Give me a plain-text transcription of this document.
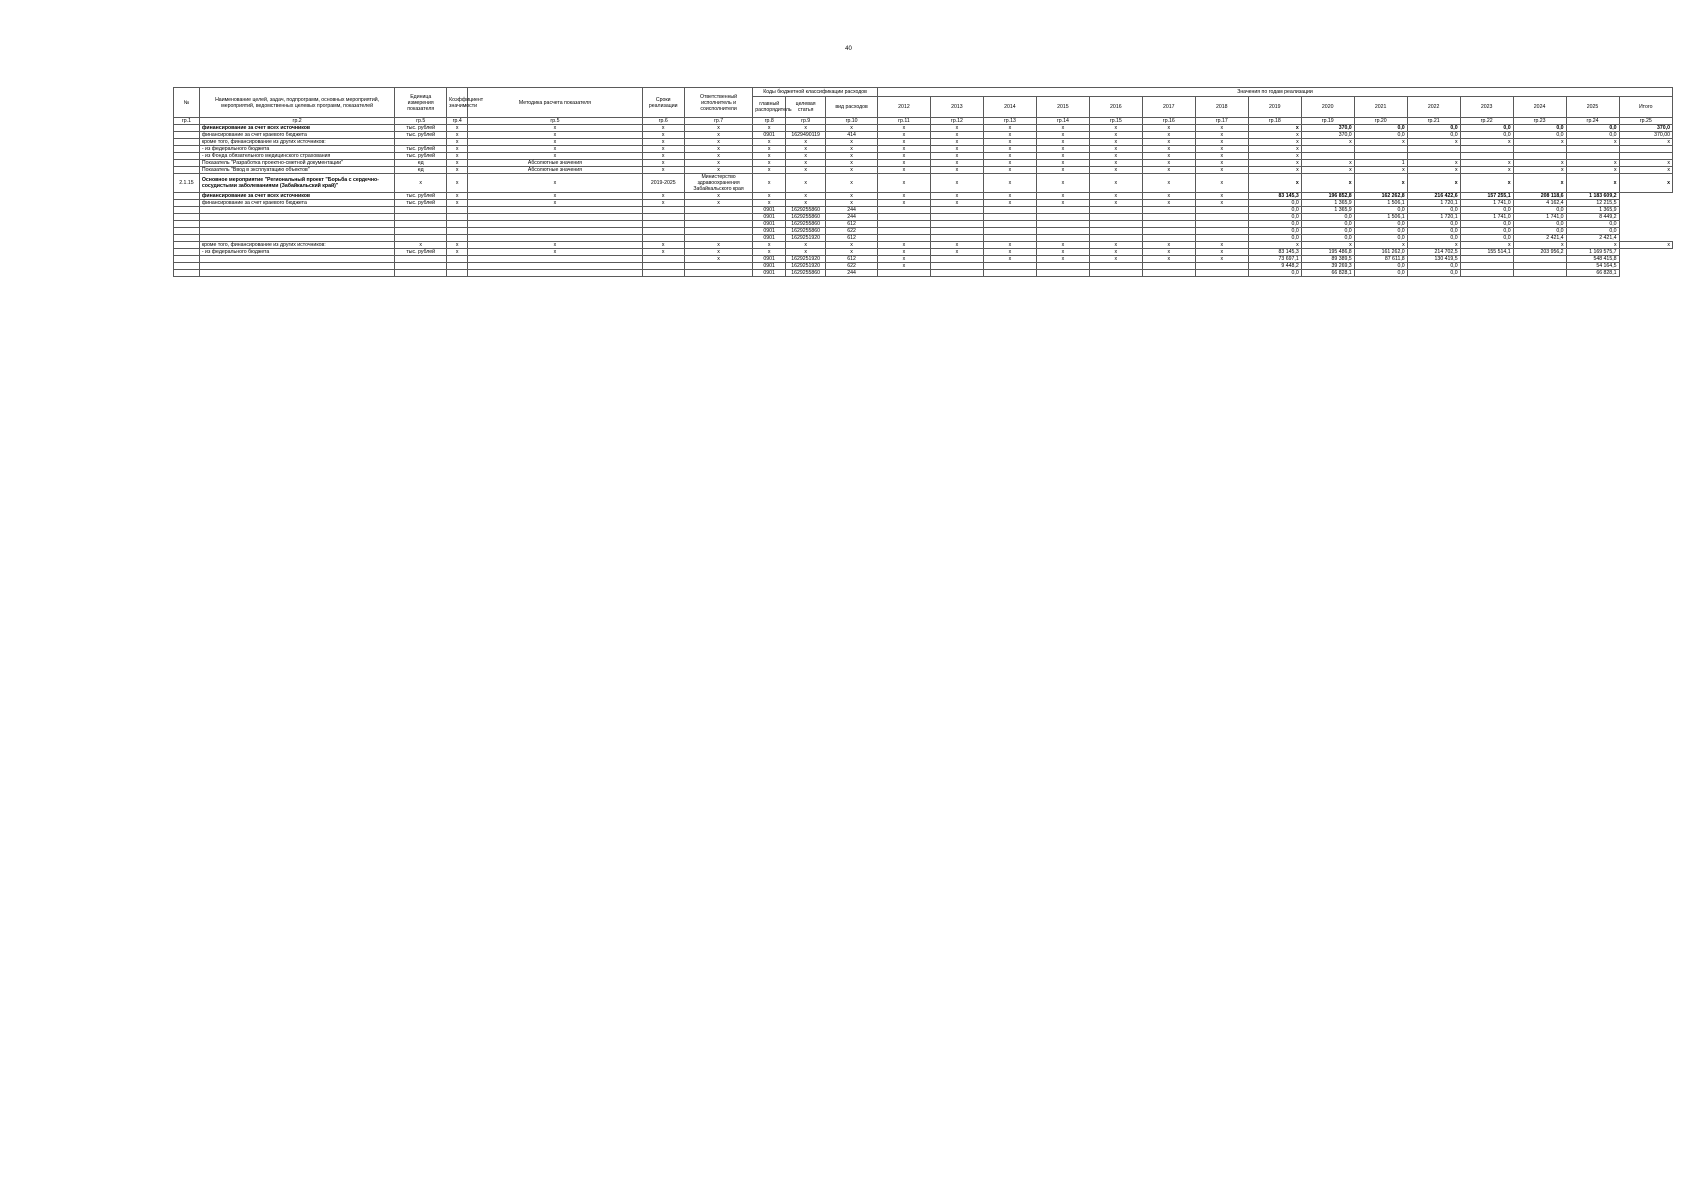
40
№	Наименование целей, задач, подпрограмм, основных мероприятий, мероприятий, ведомственных целевых программ, показателей	Единица измерения показателя	Коэффициент значимости	Методика расчета показателя	Сроки реализации	Ответственный исполнитель и соисполнители	Коды бюджетной классификации расходов			Значения по годам реализации														
							главный распорядитель	целевая статья	вид расходов	2012	2013	2014	2015	2016	2017	2018	2019	2020	2021	2022	2023	2024	2025	Итого
гр.1	гр.2	гр.5	гр.4	гр.5	гр.6	гр.7	гр.8	гр.9	гр.10	гр.11	гр.12	гр.13	гр.14	гр.15	гр.16	гр.17	гр.18	гр.19	гр.20	гр.21	гр.22	гр.23	гр.24	гр.25
	финансирование за счет всех источников	тыс. рублей	x	x	x	x	x	x	x	x	x	x	x	x	x	x	x	370,0	0,0	0,0	0,0	0,0	0,0	370,0
	финансирование за счет краевого бюджета	тыс. рублей	x	x	x	x	0901	1629490119	414	x	x	x	x	x	x	x	x	370,0	0,0	0,0	0,0	0,0	0,0	370,00
	кроме того, финансирование из других источников:		x	x	x	x	x	x	x	x	x	x	x	x	x	x	x	x	x	x	x	x	x	x
	- из федерального бюджета	тыс. рублей	x	x	x	x	x	x	x	x	x	x	x	x	x	x	x							
	- из Фонда обязательного медицинского страхования	тыс. рублей	x	x	x	x	x	x	x	x	x	x	x	x	x	x	x							
	Показатель "Разработка проектно-сметной документации"	ед	x	Абсолютные значения	x	x	x	x	x	x	x	x	x	x	x	x	x	x	1	x	x	x	x	x
	Показатель "Ввод в эксплуатацию объектов"	ед	x	Абсолютные значения	x	x	x	x	x	x	x	x	x	x	x	x	x	x	x	x	x	x	x	x
2.1.15	Основное мероприятие "Региональный проект "Борьба с сердечно-сосудистыми заболеваниями (Забайкальский край)"	x	x	x	2019-2025	Министерство здравоохранения Забайкальского края	x	x	x	x	x	x	x	x	x	x	x	x	x	x	x	x	x	x
	финансирование за счет всех источников	тыс. рублей	x	x	x	x	x	x	x	x	x	x	x	x	x	x	83 145,3	196 852,8	162 262,8	216 422,6	157 255,1	208 118,6	1 183 609,2	
	финансирование за счет краевого бюджета	тыс. рублей	x	x	x	x	x	x	x	x	x	x	x	x	x	x	0,0	1 365,9	1 506,1	1 720,1	1 741,0	4 162,4	12 215,5	
							0901	1629255860	244								0,0	1 365,9	0,0	0,0	0,0	0,0	1 365,9	
							0901	1629255860	244								0,0	0,0	1 506,1	1 720,1	1 741,0	1 741,0	8 449,2	
							0901	1629255860	612								0,0	0,0	0,0	0,0	0,0	0,0	0,0	
							0901	1629255860	622								0,0	0,0	0,0	0,0	0,0	0,0	0,0	
							0901	1629251920	612								0,0	0,0	0,0	0,0	0,0	2 421,4	2 421,4	
	кроме того, финансирование из других источников:	x	x	x	x	x	x	x	x	x	x	x	x	x	x	x	x	x	x	x	x	x	x	x
	- из федерального бюджета	тыс. рублей	x	x	x	x	x	x	x	x	x	x	x	x	x	x	83 145,3	195 486,8	161 262,0	214 702,5	155 514,1	203 956,2	1 169 575,7	
						x	0901	1629251920	612	x		x	x	x	x	x	73 697,1	89 389,5	87 611,8	130 419,5			548 415,8	
							0901	1629251920	622	x							9 448,2	39 269,3	0,0	0,0			54 164,5	
							0901	1629255860	244								0,0	66 828,1	0,0	0,0			66 828,1	
